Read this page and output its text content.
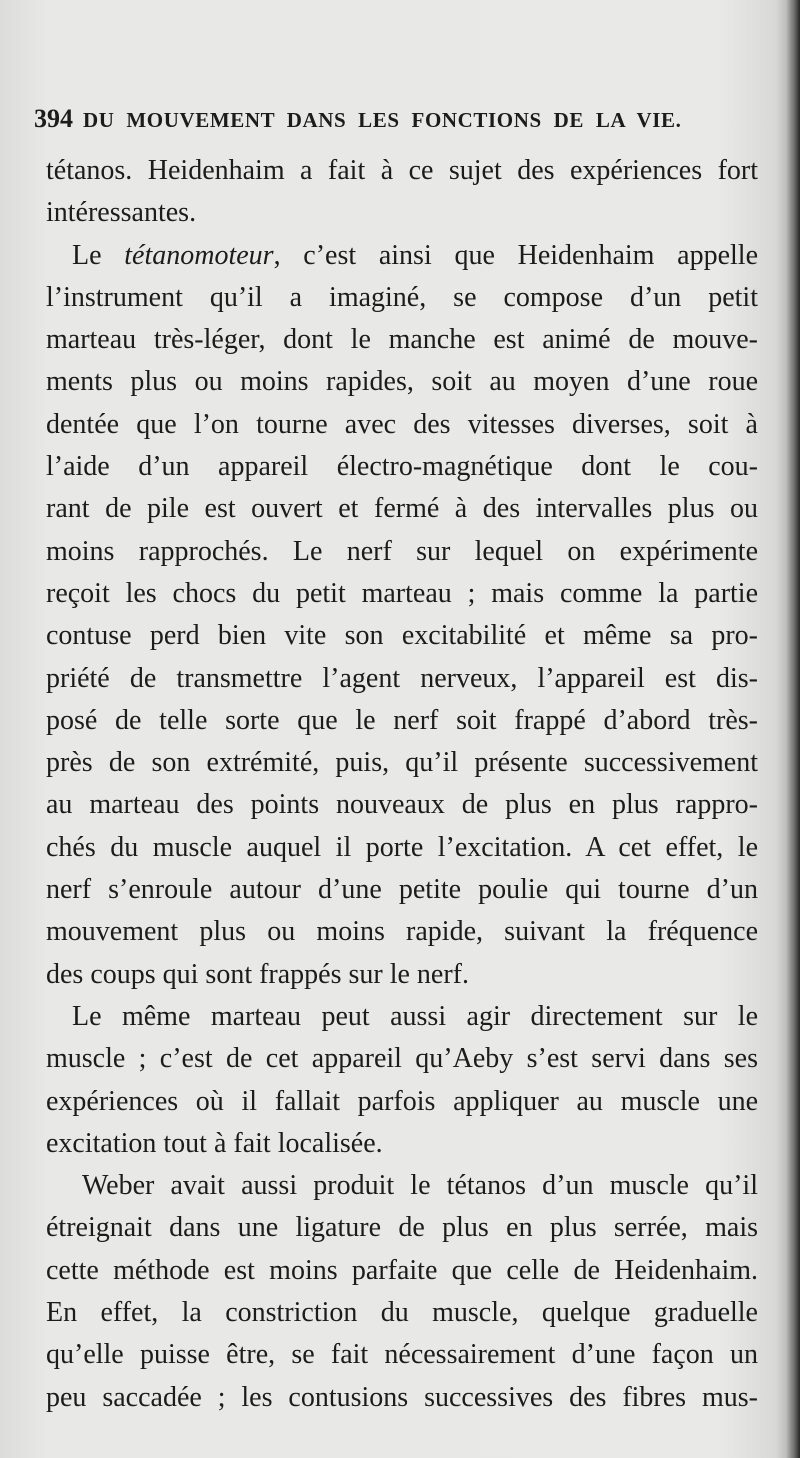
394 DU MOUVEMENT DANS LES FONCTIONS DE LA VIE.
tétanos. Heidenhaim a fait à ce sujet des expériences fort
intéressantes.
Le tétanomoteur, c’est ainsi que Heidenhaim appelle
l’instrument qu’il a imaginé, se compose d’un petit
marteau très-léger, dont le manche est animé de mouve-
ments plus ou moins rapides, soit au moyen d’une roue
dentée que l’on tourne avec des vitesses diverses, soit à
l’aide d’un appareil électro-magnétique dont le cou-
rant de pile est ouvert et fermé à des intervalles plus ou
moins rapprochés. Le nerf sur lequel on expérimente
reçoit les chocs du petit marteau ; mais comme la partie
contuse perd bien vite son excitabilité et même sa pro-
priété de transmettre l’agent nerveux, l’appareil est dis-
posé de telle sorte que le nerf soit frappé d’abord très-
près de son extrémité, puis, qu’il présente successivement
au marteau des points nouveaux de plus en plus rappro-
chés du muscle auquel il porte l’excitation. A cet effet, le
nerf s’enroule autour d’une petite poulie qui tourne d’un
mouvement plus ou moins rapide, suivant la fréquence
des coups qui sont frappés sur le nerf.
Le même marteau peut aussi agir directement sur le
muscle ; c’est de cet appareil qu’Aeby s’est servi dans ses
expériences où il fallait parfois appliquer au muscle une
excitation tout à fait localisée.
Weber avait aussi produit le tétanos d’un muscle qu’il
étreignait dans une ligature de plus en plus serrée, mais
cette méthode est moins parfaite que celle de Heidenhaim.
En effet, la constriction du muscle, quelque graduelle
qu’elle puisse être, se fait nécessairement d’une façon un
peu saccadée ; les contusions successives des fibres mus-
